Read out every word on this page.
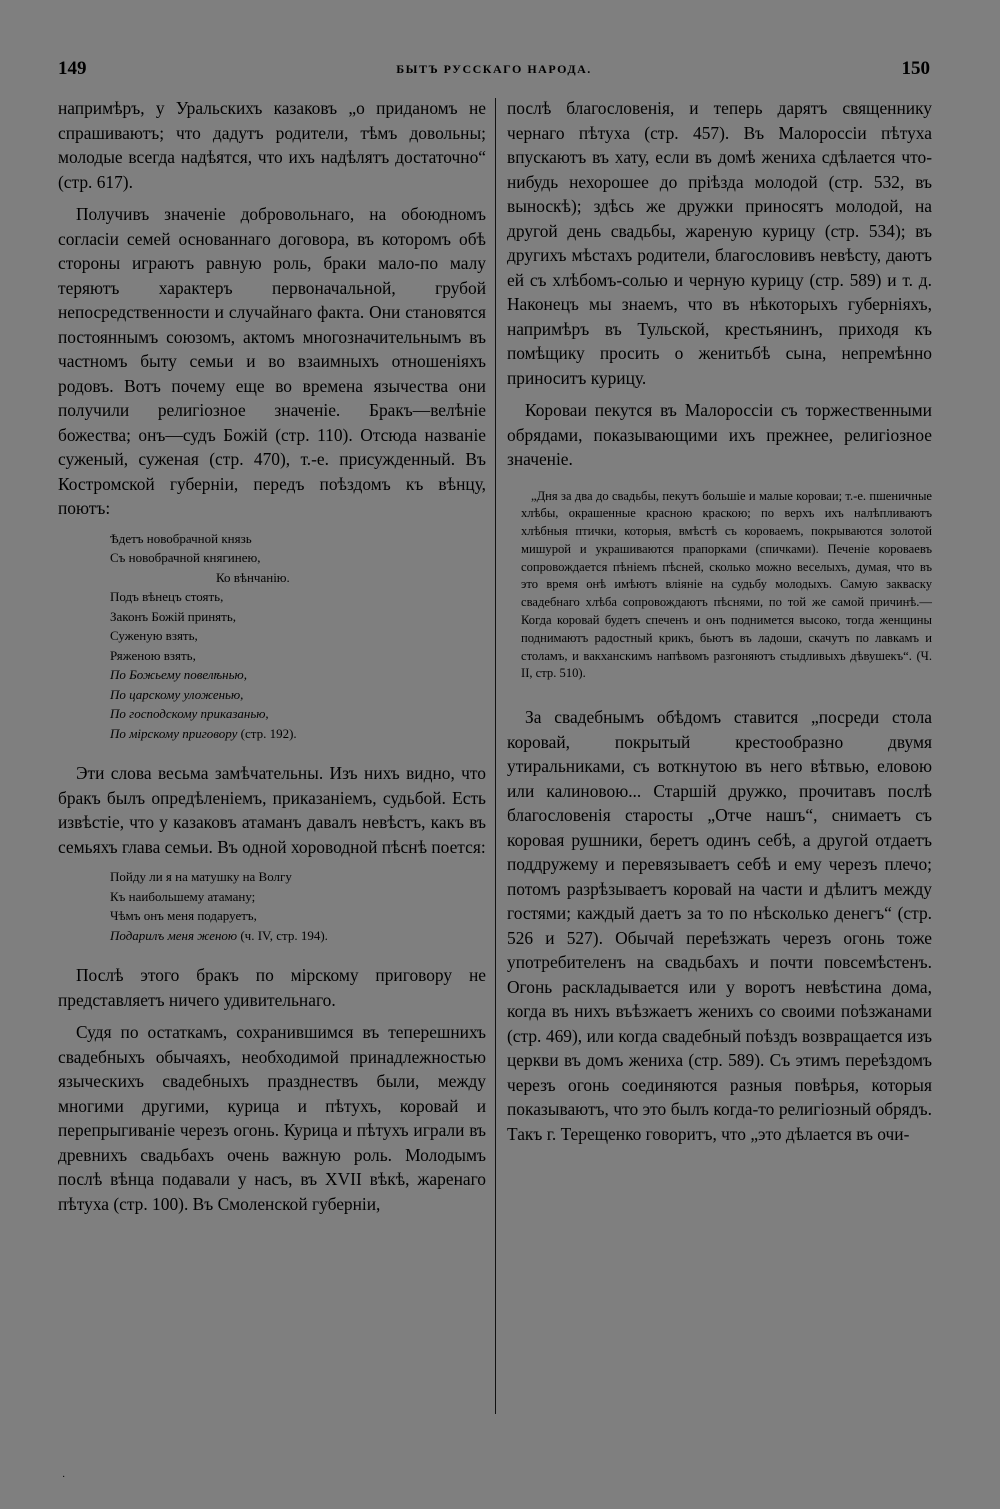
149	БЫТЪ РУССКАГО НАРОДА.	150

напримѣръ, у Уральскихъ казаковъ „о приданомъ не спрашиваютъ; что дадутъ родители, тѣмъ довольны; молодые всегда надѣятся, что ихъ надѣлятъ достаточно“ (стр. 617).

Получивъ значеніе добровольнаго, на обоюдномъ согласіи семей основаннаго договора, въ которомъ обѣ стороны играютъ равную роль, браки мало-по малу теряютъ характеръ первоначальной, грубой непосредственности и случайнаго факта. Они становятся постояннымъ союзомъ, актомъ многозначительнымъ въ частномъ быту семьи и во взаимныхъ отношеніяхъ родовъ. Вотъ почему еще во времена язычества они получили религіозное значеніе. Бракъ—велѣніе божества; онъ—судъ Божій (стр. 110). Отсюда названіе суженый, суженая (стр. 470), т.-е. присужденный. Въ Костромской губерніи, передъ поѣздомъ къ вѣнцу, поютъ:

Ѣдетъ новобрачной князь
Съ новобрачной княгинею,
Ко вѣнчанію.
Подъ вѣнецъ стоять,
Законъ Божій принять,
Суженую взять,
Ряженою взять,
По Божьему повелѣнью,
По царскому уложенью,
По господскому приказанью,
По мірскому приговору (стр. 192).

Эти слова весьма замѣчательны. Изъ нихъ видно, что бракъ былъ опредѣленіемъ, приказаніемъ, судьбой. Есть извѣстіе, что у казаковъ атаманъ давалъ невѣстъ, какъ въ семьяхъ глава семьи. Въ одной хороводной пѣснѣ поется:

Пойду ли я на матушку на Волгу
Къ наибольшему атаману;
Чѣмъ онъ меня подаруетъ,
Подарилъ меня женою (ч. IV, стр. 194).

Послѣ этого бракъ по мірскому приговору не представляетъ ничего удивительнаго.

Судя по остаткамъ, сохранившимся въ теперешнихъ свадебныхъ обычаяхъ, необходимой принадлежностью языческихъ свадебныхъ празднествъ были, между многими другими, курица и пѣтухъ, коровай и перепрыгиваніе черезъ огонь. Курица и пѣтухъ играли въ древнихъ свадьбахъ очень важную роль. Молодымъ послѣ вѣнца подавали у насъ, въ XVII вѣкѣ, жаренаго пѣтуха (стр. 100). Въ Смоленской губерніи,

послѣ благословенія, и теперь дарятъ священнику чернаго пѣтуха (стр. 457). Въ Малороссіи пѣтуха впускаютъ въ хату, если въ домѣ жениха сдѣлается что-нибудь нехорошее до пріѣзда молодой (стр. 532, въ выноскѣ); здѣсь же дружки приносятъ молодой, на другой день свадьбы, жареную курицу (стр. 534); въ другихъ мѣстахъ родители, благословивъ невѣсту, даютъ ей съ хлѣбомъ-солью и черную курицу (стр. 589) и т. д. Наконецъ мы знаемъ, что въ нѣкоторыхъ губерніяхъ, напримѣръ въ Тульской, крестьянинъ, приходя къ помѣщику просить о женитьбѣ сына, непремѣнно приноситъ курицу.

Короваи пекутся въ Малороссіи съ торжественными обрядами, показывающими ихъ прежнее, религіозное значеніе.

„Дня за два до свадьбы, пекутъ большіе и малые короваи; т.-е. пшеничные хлѣбы, окрашенные красною краскою; по верхъ ихъ налѣпливаютъ хлѣбныя птички, которыя, вмѣстѣ съ короваемъ, покрываются золотой мишурой и украшиваются прапорками (спичками). Печеніе короваевъ сопровождается пѣніемъ пѣсней, сколько можно веселыхъ, думая, что въ это время онѣ имѣютъ вліяніе на судьбу молодыхъ. Самую закваску свадебнаго хлѣба сопровождаютъ пѣснями, по той же самой причинѣ.—Когда коровай будетъ спеченъ и онъ поднимется высоко, тогда женщины поднимаютъ радостный крикъ, бьютъ въ ладоши, скачутъ по лавкамъ и столамъ, и вакханскимъ напѣвомъ разгоняютъ стыдливыхъ дѣвушекъ“. (Ч. II, стр. 510).

За свадебнымъ обѣдомъ ставится „посреди стола коровай, покрытый крестообразно двумя утиральниками, съ воткнутою въ него вѣтвью, еловою или калиновою... Старшій дружко, прочитавъ послѣ благословенія старосты „Отче нашъ“, снимаетъ съ коровая рушники, беретъ одинъ себѣ, а другой отдаетъ поддружему и перевязываетъ себѣ и ему черезъ плечо; потомъ разрѣзываетъ коровай на части и дѣлитъ между гостями; каждый даетъ за то по нѣсколько денегъ“ (стр. 526 и 527). Обычай переѣзжать черезъ огонь тоже употребителенъ на свадьбахъ и почти повсемѣстенъ. Огонь раскладывается или у воротъ невѣстина дома, когда въ нихъ въѣзжаетъ женихъ со своими поѣзжанами (стр. 469), или когда свадебный поѣздъ возвращается изъ церкви въ домъ жениха (стр. 589). Съ этимъ переѣздомъ черезъ огонь соединяются разныя повѣрья, которыя показываютъ, что это былъ когда-то религіозный обрядъ. Такъ г. Терещенко говоритъ, что „это дѣлается въ очи-

·
